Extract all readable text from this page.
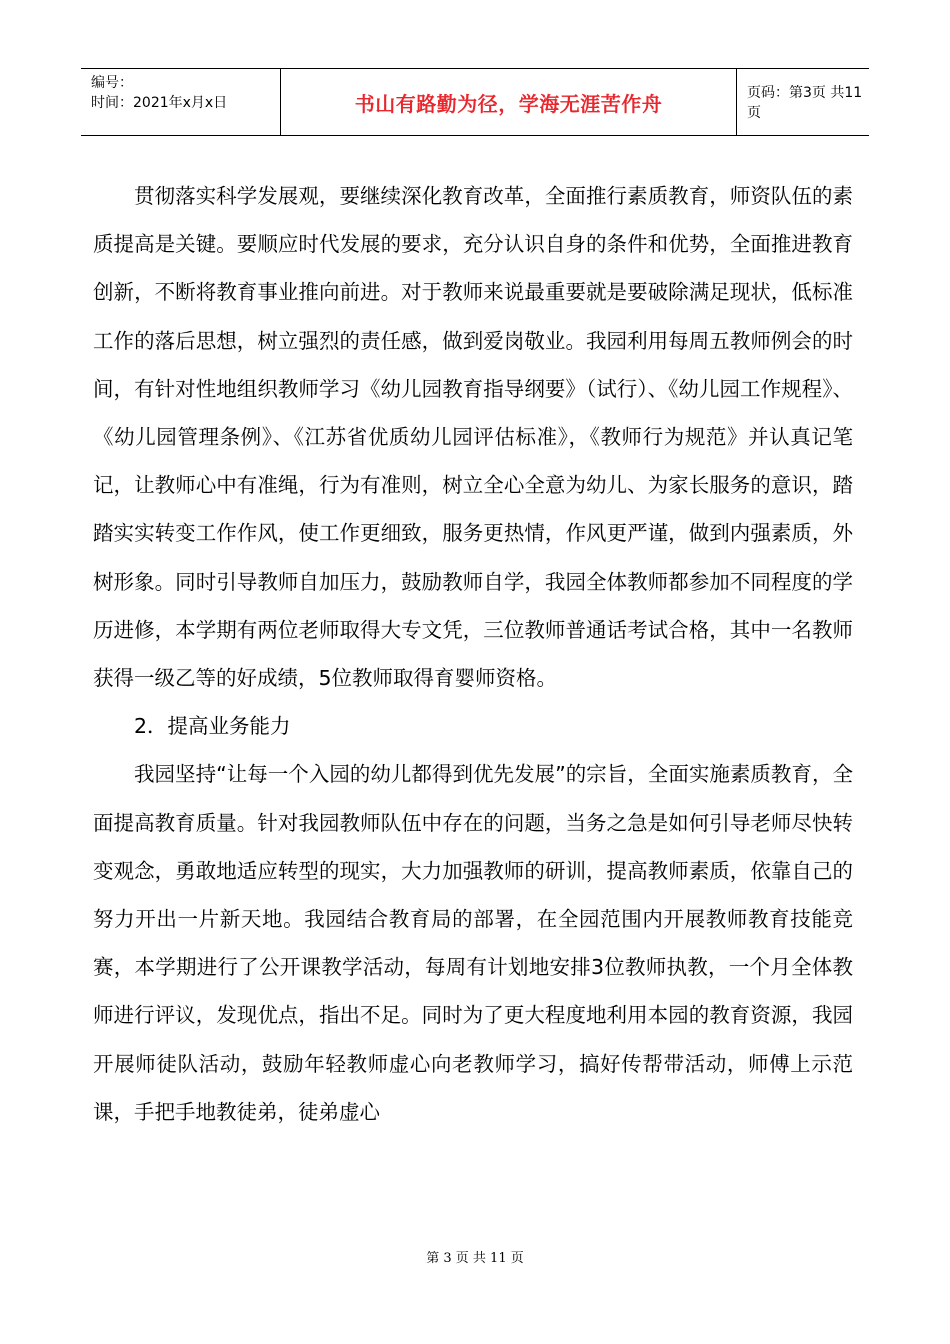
编号：
时间：2021年x月x日	书山有路勤为径，学海无涯苦作舟	页码：第3页 共11页

贯彻落实科学发展观，要继续深化教育改革，全面推行素质教育，师资队伍的素质提高是关键。要顺应时代发展的要求，充分认识自身的条件和优势，全面推进教育创新，不断将教育事业推向前进。对于教师来说最重要就是要破除满足现状，低标准工作的落后思想，树立强烈的责任感，做到爱岗敬业。我园利用每周五教师例会的时间，有针对性地组织教师学习《幼儿园教育指导纲要》（试行）、《幼儿园工作规程》、《幼儿园管理条例》、《江苏省优质幼儿园评估标准》，《教师行为规范》并认真记笔记，让教师心中有准绳，行为有准则，树立全心全意为幼儿、为家长服务的意识，踏踏实实转变工作作风，使工作更细致，服务更热情，作风更严谨，做到内强素质，外树形象。同时引导教师自加压力，鼓励教师自学，我园全体教师都参加不同程度的学历进修，本学期有两位老师取得大专文凭，三位教师普通话考试合格，其中一名教师获得一级乙等的好成绩，5位教师取得育婴师资格。

2．提高业务能力

我园坚持“让每一个入园的幼儿都得到优先发展”的宗旨，全面实施素质教育，全面提高教育质量。针对我园教师队伍中存在的问题，当务之急是如何引导老师尽快转变观念，勇敢地适应转型的现实，大力加强教师的研训，提高教师素质，依靠自己的努力开出一片新天地。我园结合教育局的部署，在全园范围内开展教师教育技能竞赛，本学期进行了公开课教学活动，每周有计划地安排3位教师执教，一个月全体教师进行评议，发现优点，指出不足。同时为了更大程度地利用本园的教育资源，我园开展师徒队活动，鼓励年轻教师虚心向老教师学习，搞好传帮带活动，师傅上示范课，手把手地教徒弟，徒弟虚心

第 3 页 共 11 页
